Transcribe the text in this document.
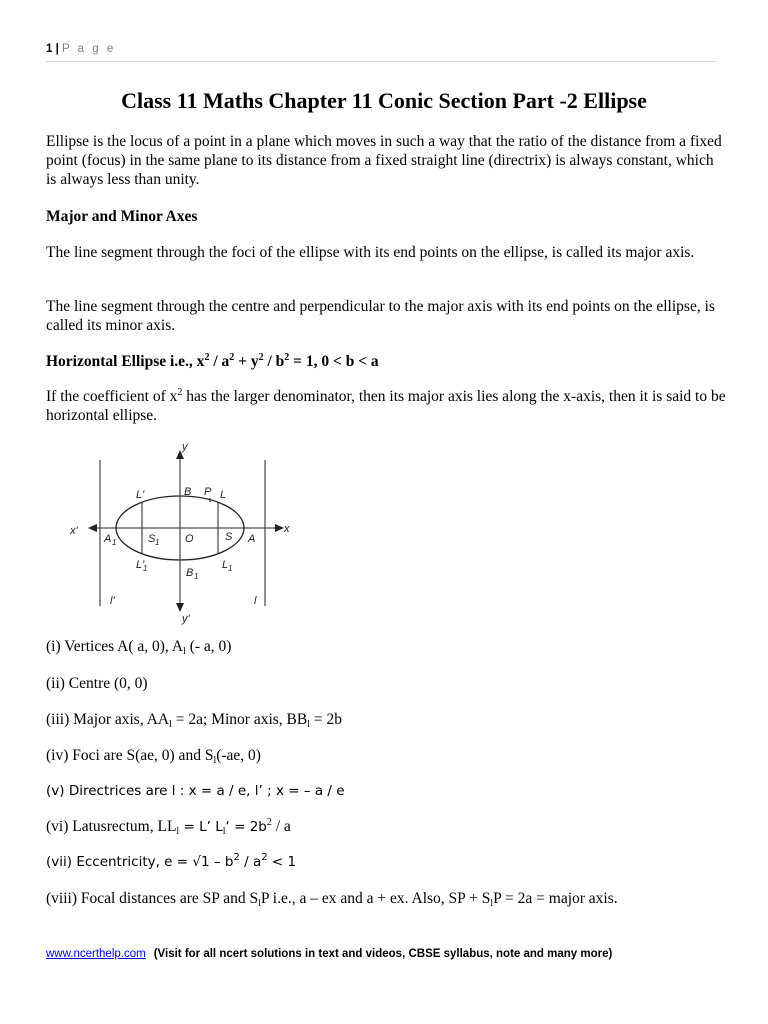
1 | P a g e
Class 11 Maths Chapter 11 Conic Section Part -2 Ellipse

Ellipse is the locus of a point in a plane which moves in such a way that the ratio of the distance from a fixed point (focus) in the same plane to its distance from a fixed straight line (directrix) is always constant, which is always less than unity.

Major and Minor Axes

The line segment through the foci of the ellipse with its end points on the ellipse, is called its major axis.

The line segment through the centre and perpendicular to the major axis with its end points on the ellipse, is called its minor axis.

Horizontal Ellipse i.e., $x^2 / a^2 + y^2 / b^2 = 1$, 0 < b < a

If the coefficient of $x^2$ has the larger denominator, then its major axis lies along the x-axis, then it is said to be horizontal ellipse.

y
y'
x
x'
B P L
L'
A 1	S 1 O	S A
L'
1	B 1
L 1
l'	l

(i) Vertices A( a, 0), $A_l$ (- a, 0)

(ii) Centre (0, 0)

(iii) Major axis, $AA_l = 2a$; Minor axis, $BB_l = 2b$

(iv) Foci are S(ae, 0) and $S_l(-ae$, 0)

(v) Directrices are l : x = a / e, l’ ; x = – a / e

(vi) Latusrectum, $LL_l = L$’ $L_l‘ = 2b^2 / a$

(vii) Eccentricity, $e = √1 - b^2 / a^2 < 1$

(viii) Focal distances are SP and $S_lP$ i.e., a – ex and a + ex. Also, SP + $S_lP = 2a$ = major axis.

www.ncerthelp.com (Visit for all ncert solutions in text and videos, CBSE syllabus, note and many more)
